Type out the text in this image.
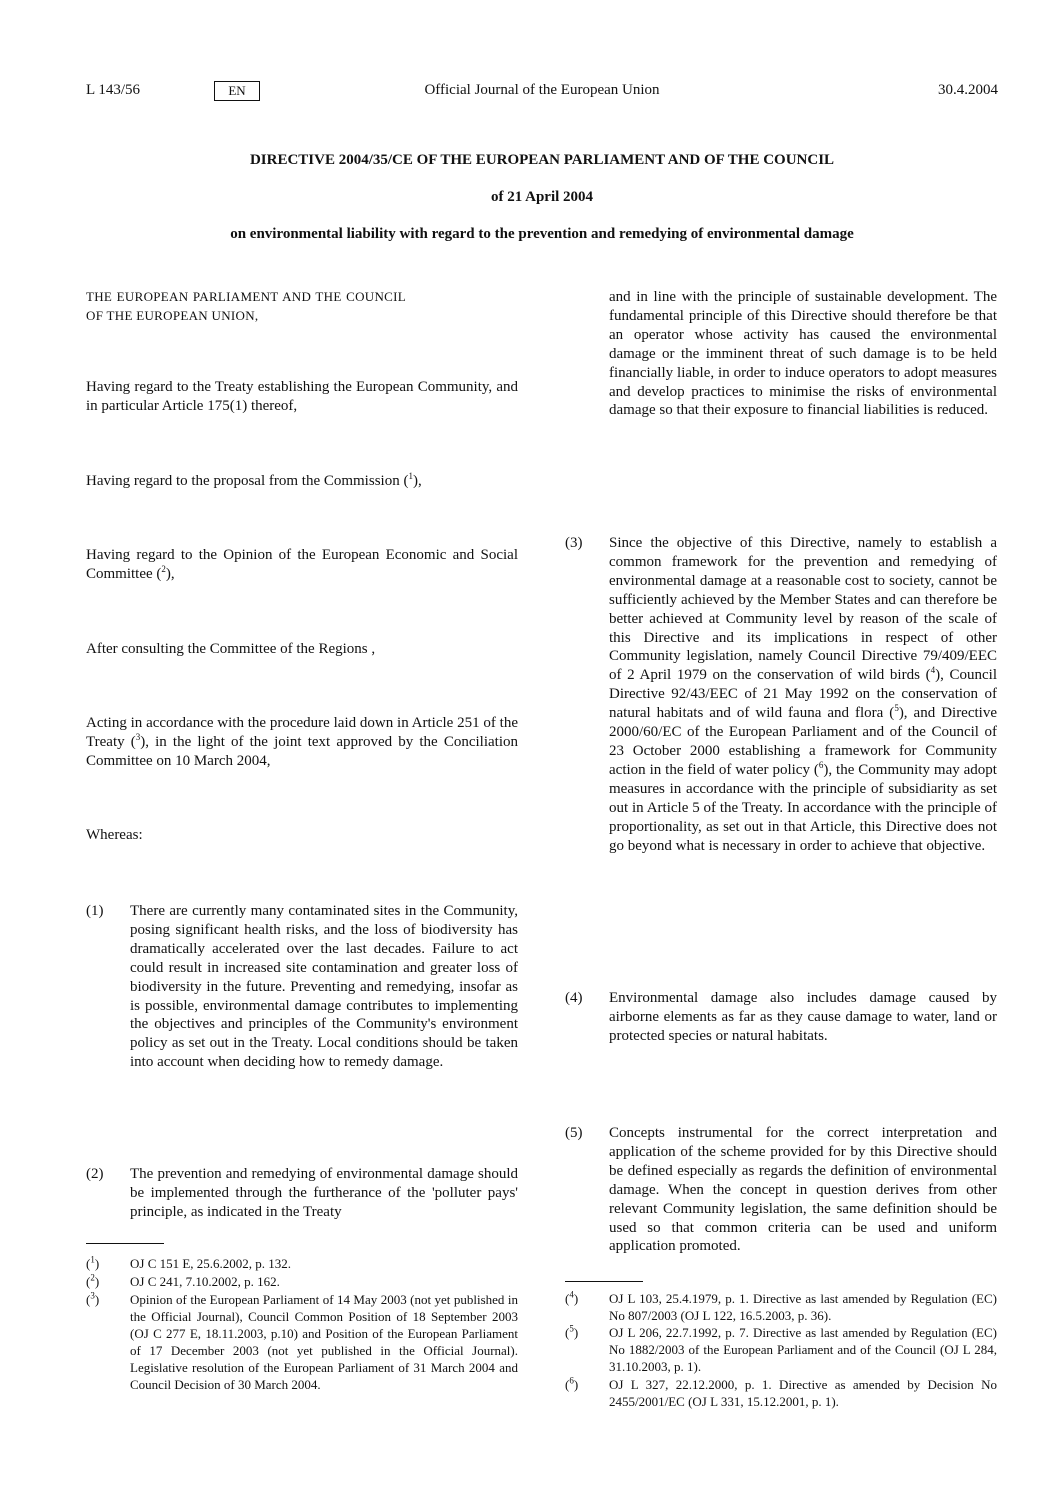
L 143/56	EN	Official Journal of the European Union	30.4.2004
DIRECTIVE 2004/35/CE OF THE EUROPEAN PARLIAMENT AND OF THE COUNCIL
of 21 April 2004
on environmental liability with regard to the prevention and remedying of environmental damage
THE EUROPEAN PARLIAMENT AND THE COUNCIL OF THE EUROPEAN UNION,
Having regard to the Treaty establishing the European Community, and in particular Article 175(1) thereof,
Having regard to the proposal from the Commission ($^1$),
Having regard to the Opinion of the European Economic and Social Committee ($^2$),
After consulting the Committee of the Regions ,
Acting in accordance with the procedure laid down in Article 251 of the Treaty ($^3$), in the light of the joint text approved by the Conciliation Committee on 10 March 2004,
Whereas:
(1)	There are currently many contaminated sites in the Community, posing significant health risks, and the loss of biodiversity has dramatically accelerated over the last decades. Failure to act could result in increased site contamination and greater loss of biodiversity in the future. Preventing and remedying, insofar as is possible, environmental damage contributes to implementing the objectives and principles of the Community's environment policy as set out in the Treaty. Local conditions should be taken into account when deciding how to remedy damage.
(2)	The prevention and remedying of environmental damage should be implemented through the furtherance of the 'polluter pays' principle, as indicated in the Treaty
($^1$)	OJ C 151 E, 25.6.2002, p. 132.
($^2$)	OJ C 241, 7.10.2002, p. 162.
($^3$)	Opinion of the European Parliament of 14 May 2003 (not yet published in the Official Journal), Council Common Position of 18 September 2003 (OJ C 277 E, 18.11.2003, p.10) and Position of the European Parliament of 17 December 2003 (not yet published in the Official Journal). Legislative resolution of the European Parliament of 31 March 2004 and Council Decision of 30 March 2004.
and in line with the principle of sustainable development. The fundamental principle of this Directive should therefore be that an operator whose activity has caused the environmental damage or the imminent threat of such damage is to be held financially liable, in order to induce operators to adopt measures and develop practices to minimise the risks of environmental damage so that their exposure to financial liabilities is reduced.
(3)	Since the objective of this Directive, namely to establish a common framework for the prevention and remedying of environmental damage at a reasonable cost to society, cannot be sufficiently achieved by the Member States and can therefore be better achieved at Community level by reason of the scale of this Directive and its implications in respect of other Community legislation, namely Council Directive 79/409/EEC of 2 April 1979 on the conservation of wild birds ($^4$), Council Directive 92/43/EEC of 21 May 1992 on the conservation of natural habitats and of wild fauna and flora ($^5$), and Directive 2000/60/EC of the European Parliament and of the Council of 23 October 2000 establishing a framework for Community action in the field of water policy ($^6$), the Community may adopt measures in accordance with the principle of subsidiarity as set out in Article 5 of the Treaty. In accordance with the principle of proportionality, as set out in that Article, this Directive does not go beyond what is necessary in order to achieve that objective.
(4)	Environmental damage also includes damage caused by airborne elements as far as they cause damage to water, land or protected species or natural habitats.
(5)	Concepts instrumental for the correct interpretation and application of the scheme provided for by this Directive should be defined especially as regards the definition of environmental damage. When the concept in question derives from other relevant Community legislation, the same definition should be used so that common criteria can be used and uniform application promoted.
($^4$)	OJ L 103, 25.4.1979, p. 1. Directive as last amended by Regulation (EC) No 807/2003 (OJ L 122, 16.5.2003, p. 36).
($^5$)	OJ L 206, 22.7.1992, p. 7. Directive as last amended by Regulation (EC) No 1882/2003 of the European Parliament and of the Council (OJ L 284, 31.10.2003, p. 1).
($^6$)	OJ L 327, 22.12.2000, p. 1. Directive as amended by Decision No 2455/2001/EC (OJ L 331, 15.12.2001, p. 1).
